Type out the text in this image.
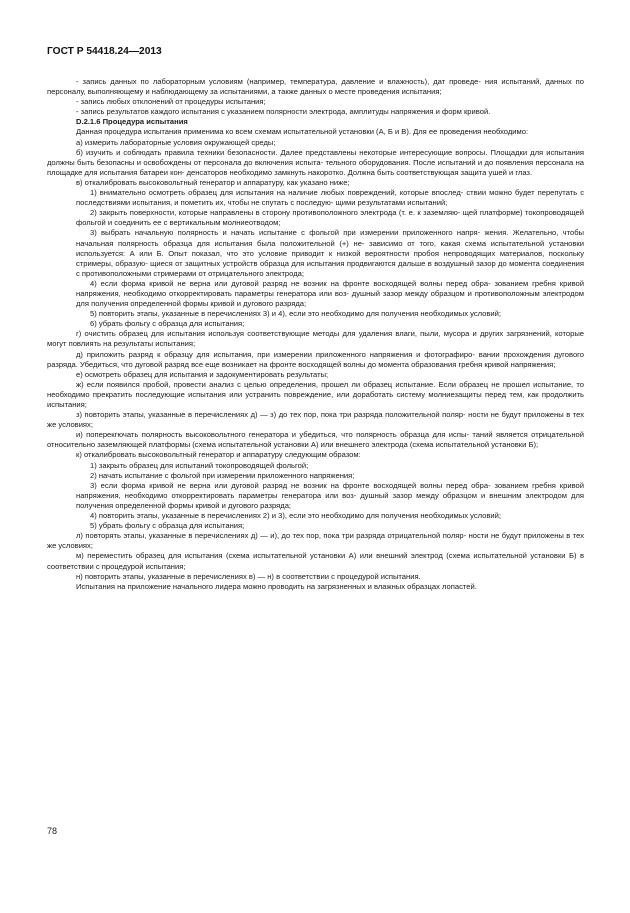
ГОСТ Р 54418.24—2013

- запись данных по лабораторным условиям (например, температура, давление и влажность), дат проведе- ния испытаний, данных по персоналу, выполняющему и наблюдающему за испытаниями, а также данных о месте проведения испытания;

- запись любых отклонений от процедуры испытания;

- запись результатов каждого испытания с указанием полярности электрода, амплитуды напряжения и форм кривой.

D.2.1.6 Процедура испытания

Данная процедура испытания применима ко всем схемам испытательной установки (А, Б и В). Для ее проведения необходимо:

а) измерить лабораторные условия окружающей среды;

б) изучить и соблюдать правила техники безопасности. Далее представлены некоторые интересующие вопросы. Площадки для испытания должны быть безопасны и освобождены от персонала до включения испыта- тельного оборудования. После испытаний и до появления персонала на площадке для испытания батареи кон- денсаторов необходимо замкнуть накоротко. Должна быть соответствующая защита ушей и глаз.

в) откалибровать высоковольтный генератор и аппаратуру, как указано ниже;

1) внимательно осмотреть образец для испытания на наличие любых повреждений, которые впослед- ствии можно будет перепутать с последствиями испытания, и пометить их, чтобы не спутать с последую- щими результатами испытаний;

2) закрыть поверхности, которые направлены в сторону противоположного электрода (т. е. к заземляю- щей платформе) токопроводящей фольгой и соединить ее с вертикальным молниеотводом;

3) выбрать начальную полярность и начать испытание с фольгой при измерении приложенного напря- жения. Желательно, чтобы начальная полярность образца для испытания была положительной (+) не- зависимо от того, какая схема испытательной установки используется: А или Б. Опыт показал, что это условие приводит к низкой вероятности пробоя непроводящих материалов, поскольку стримеры, образую- щиеся от защитных устройств образца для испытания продвигаются дальше в воздушный зазор до момента соединения с противоположными стримерами от отрицательного электрода;

4) если форма кривой не верна или дуговой разряд не возник на фронте восходящей волны перед обра- зованием гребня кривой напряжения, необходимо откорректировать параметры генератора или воз- душный зазор между образцом и противоположным электродом для получения определенной формы кривой и дугового разряда;

5) повторить этапы, указанные в перечислениях 3) и 4), если это необходимо для получения необходимых условий;

6) убрать фольгу с образца для испытания;

г) очистить образец для испытания используя соответствующие методы для удаления влаги, пыли, мусора и других загрязнений, которые могут повлиять на результаты испытания;

д) приложить разряд к образцу для испытания, при измерении приложенного напряжения и фотографиро- вании прохождения дугового разряда. Убедиться, что дуговой разряд все еще возникает на фронте восходящей волны до момента образования гребня кривой напряжения;

е) осмотреть образец для испытания и задокументировать результаты;

ж) если появился пробой, провести анализ с целью определения, прошел ли образец испытание. Если образец не прошел испытание, то необходимо прекратить последующие испытания или устранить повреждение, или доработать систему молниезащиты перед тем, как продолжить испытания;

з) повторить этапы, указанные в перечислениях д) — з) до тех пор, пока три разряда положительной поляр- ности не будут приложены в тех же условиях;

и) поперекгючать полярность высоковольтного генератора и убедиться, что полярность образца для испы- таний является отрицательной относительно заземляющей платформы (схема испытательной установки А) или внешнего электрода (схема испытательной установки Б);

к) откалибровать высоковольтный генератор и аппаратуру следующим образом:

1) закрыть образец для испытаний токопроводящей фольгой;

2) начать испытание с фольгой при измерении приложенного напряжения;

3) если форма кривой не верна или дуговой разряд не возник на фронте восходящей волны перед обра- зованием гребня кривой напряжения, необходимо откорректировать параметры генератора или воз- душный зазор между образцом и внешним электродом для получения определенной формы кривой и дугового разряда;

4) повторить этапы, указанные в перечислениях 2) и 3), если это необходимо для получения необходимых условий;

5) убрать фольгу с образца для испытания;

л) повторять этапы, указанные в перечислениях д) — и), до тех пор, пока три разряда отрицательной поляр- ности не будут приложены в тех же условиях;

м) переместить образец для испытания (схема испытательной установки А) или внешний электрод (схема испытательной установки Б) в соответствии с процедурой испытания;

н) повторить этапы, указанные в перечислениях в) — н) в соответствии с процедурой испытания.

Испытания на приложение начального лидера можно проводить на загрязненных и влажных образцах лопастей.

78
